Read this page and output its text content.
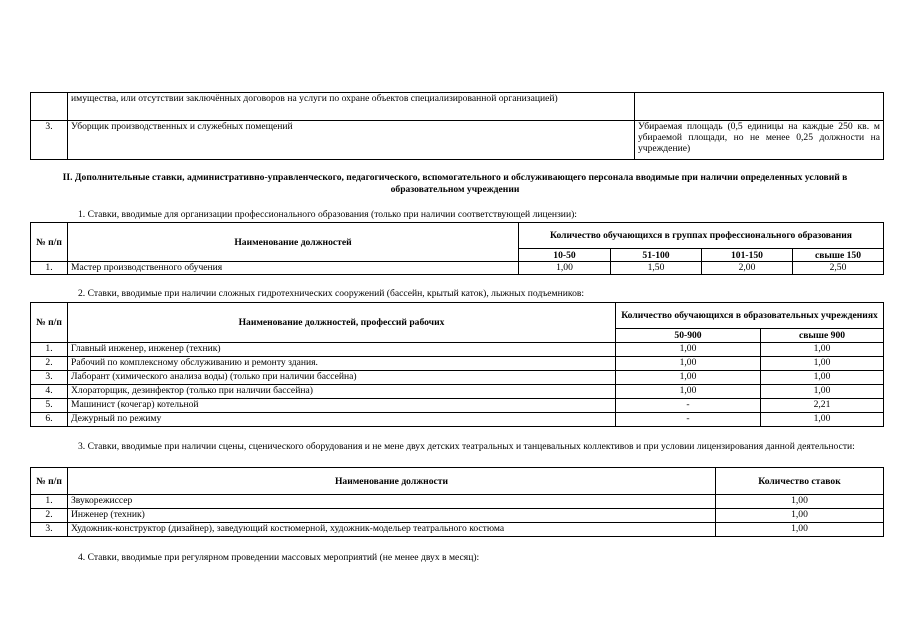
	имущества, или отсутствии заключённых договоров на услуги по охране объектов специализированной организацией)	
3.	Уборщик производственных и служебных помещений	Убираемая площадь (0,5 единицы на каждые 250 кв. м убираемой площади, но не менее 0,25 должности на учреждение)
II. Дополнительные ставки, административно-управленческого, педагогического, вспомогательного и обслуживающего персонала вводимые при наличии определенных условий в образовательном учреждении
1. Ставки, вводимые для организации профессионального образования (только при наличии соответствующей лицензии):
№ п/п	Наименование должностей	Количество обучающихся в группах профессионального образования			
		10-50	51-100	101-150	свыше 150
1.	Мастер производственного обучения	1,00	1,50	2,00	2,50
2. Ставки, вводимые при наличии сложных гидротехнических сооружений (бассейн, крытый каток), лыжных подъемников:
№ п/п	Наименование должностей, профессий рабочих	Количество обучающихся в образовательных учреждениях	
		50-900	свыше 900
1.	Главный инженер, инженер (техник)	1,00	1,00
2.	Рабочий по комплексному обслуживанию и ремонту здания.	1,00	1,00
3.	Лаборант (химического анализа воды) (только при наличии бассейна)	1,00	1,00
4.	Хлораторщик, дезинфектор (только при наличии бассейна)	1,00	1,00
5.	Машинист (кочегар) котельной	-	2,21
6.	Дежурный по режиму	-	1,00
3. Ставки, вводимые при наличии сцены, сценического оборудования и не мене двух детских театральных и танцевальных коллективов и при условии лицензирования данной деятельности:
№ п/п	Наименование должности	Количество ставок
1.	Звукорежиссер	1,00
2.	Инженер (техник)	1,00
3.	Художник-конструктор (дизайнер), заведующий костюмерной, художник-модельер театрального костюма	1,00
4. Ставки, вводимые при регулярном проведении массовых мероприятий (не менее двух в месяц):
